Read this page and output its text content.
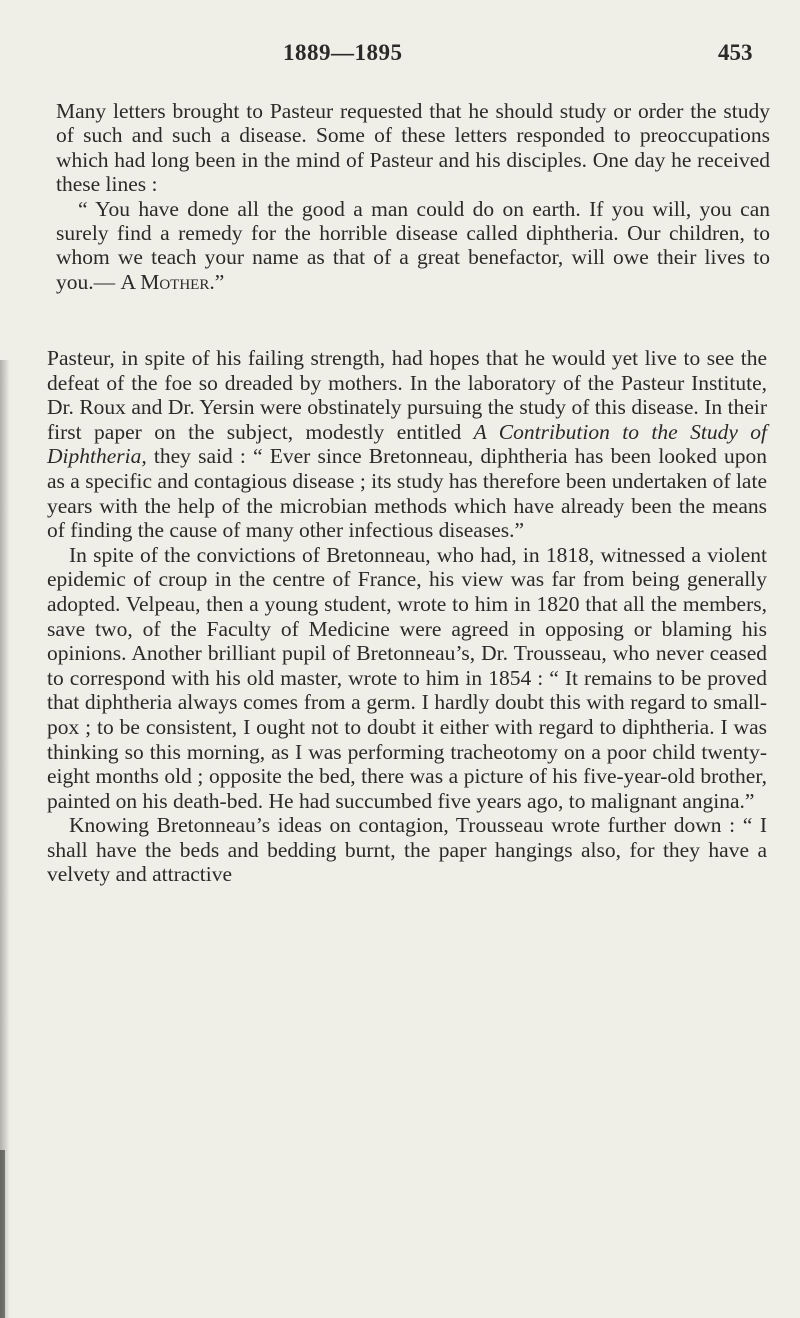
1889—1895	453

Many letters brought to Pasteur requested that he should study or order the study of such and such a disease. Some of these letters responded to preoccupations which had long been in the mind of Pasteur and his disciples. One day he received these lines :

“ You have done all the good a man could do on earth. If you will, you can surely find a remedy for the horrible disease called diphtheria. Our children, to whom we teach your name as that of a great benefactor, will owe their lives to you.— A Mother.”

Pasteur, in spite of his failing strength, had hopes that he would yet live to see the defeat of the foe so dreaded by mothers. In the laboratory of the Pasteur Institute, Dr. Roux and Dr. Yersin were obstinately pursuing the study of this disease. In their first paper on the subject, modestly entitled A Contribution to the Study of Diphtheria, they said : “ Ever since Bretonneau, diphtheria has been looked upon as a specific and contagious disease ; its study has therefore been undertaken of late years with the help of the microbian methods which have already been the means of finding the cause of many other infectious diseases.”

In spite of the convictions of Bretonneau, who had, in 1818, witnessed a violent epidemic of croup in the centre of France, his view was far from being generally adopted. Velpeau, then a young student, wrote to him in 1820 that all the members, save two, of the Faculty of Medicine were agreed in opposing or blaming his opinions. Another brilliant pupil of Bretonneau’s, Dr. Trousseau, who never ceased to correspond with his old master, wrote to him in 1854 : “ It remains to be proved that diphtheria always comes from a germ. I hardly doubt this with regard to small-pox ; to be consistent, I ought not to doubt it either with regard to diphtheria. I was thinking so this morning, as I was performing tracheotomy on a poor child twenty-eight months old ; opposite the bed, there was a picture of his five-year-old brother, painted on his death-bed. He had succumbed five years ago, to malignant angina.”

Knowing Bretonneau’s ideas on contagion, Trousseau wrote further down : “ I shall have the beds and bedding burnt, the paper hangings also, for they have a velvety and attractive
